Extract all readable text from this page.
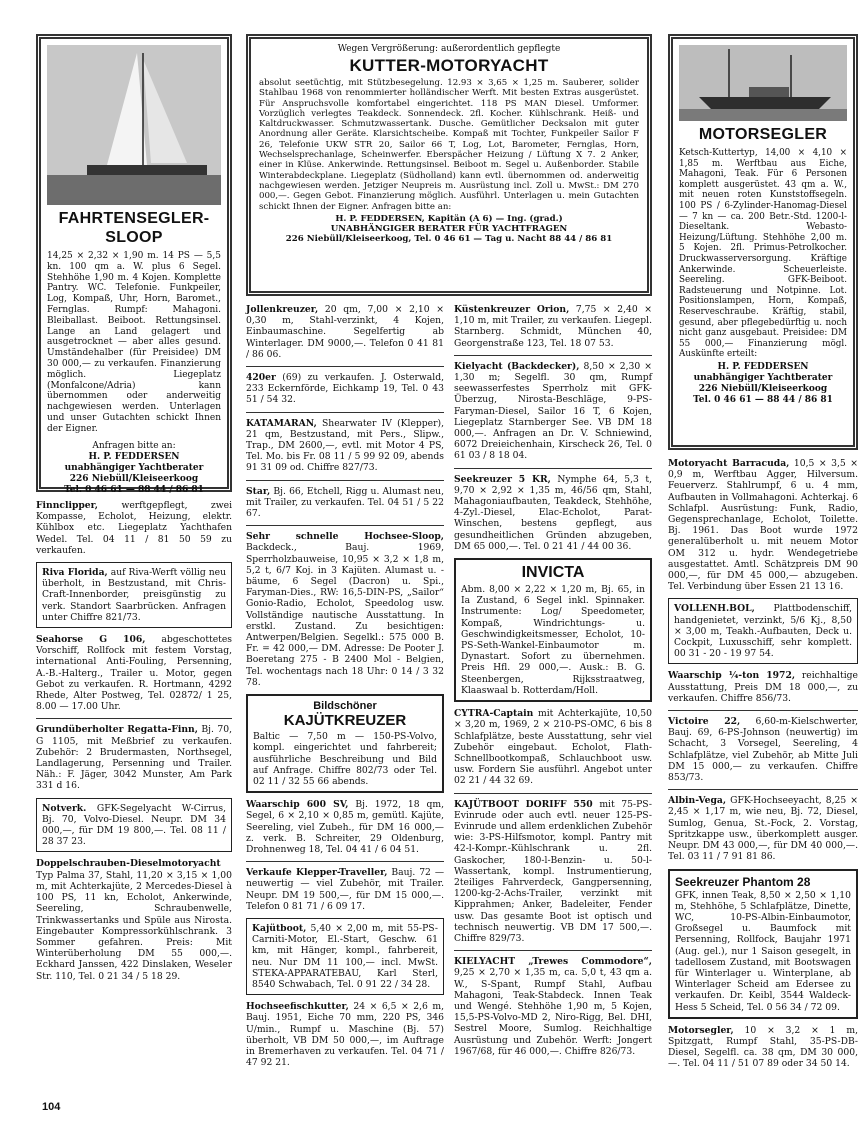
FAHRTENSEGLER-SLOOP
14,25 × 2,32 × 1,90 m. 14 PS — 5,5 kn. 100 qm a. W. plus 6 Segel. Stehhöhe 1,90 m. 4 Kojen. Komplette Pantry. WC. Telefonie. Funkpeiler, Log, Kompaß, Uhr, Horn, Baromet., Fernglas. Rumpf: Mahagoni. Bleiballast. Beiboot. Rettungsinsel. Lange an Land gelagert und ausgetrocknet — aber alles gesund. Umständehalber (für Preisidee) DM 30 000,— zu verkaufen. Finanzierung möglich. Liegeplatz (Monfalcone/Adria) kann übernommen oder anderweitig nachgewiesen werden. Unterlagen und unser Gutachten schickt Ihnen der Eigner.
Anfragen bitte an:
H. P. FEDDERSEN
unabhängiger Yachtberater
226 Niebüll/Kleiseerkoog
Tel. 0 46 61 — 88 44 / 86 81
Finnclipper,	werftgepflegt, zwei Kompasse, Echolot, Heizung, elektr. Kühlbox etc. Liegeplatz Yachthafen Wedel. Tel. 04 11 / 81 50 59 zu verkaufen.
Riva Florida, auf Riva-Werft völlig neu überholt, in Bestzustand, mit Chris-Craft-Innenborder, preisgünstig zu verk. Standort Saarbrücken. Anfragen unter Chiffre 821/73.
Seahorse G 106, abgeschottetes Vorschiff, Rollfock mit festem Vorstag, international Anti-Fouling, Persenning, A.-B.-Halterg., Trailer u. Motor, gegen Gebot zu verkaufen. R. Hortmann, 4292 Rhede, Alter Postweg, Tel. 02872/ 1 25, 8.00 — 17.00 Uhr.
Grundüberholter Regatta-Finn, Bj. 70, G 1105, mit Meßbrief zu verkaufen. Zubehör: 2 Brudermasten, Northsegel, Landlagerung, Persenning und Trailer. Näh.: F. Jäger, 3042 Munster, Am Park 331 d 16.
Notverk. GFK-Segelyacht W-Cirrus, Bj. 70, Volvo-Diesel. Neupr. DM 34 000,—, für DM 19 800,—. Tel. 08 11 / 28 37 23.
Doppelschrauben-Dieselmotoryacht Typ Palma 37, Stahl, 11,20 × 3,15 × 1,00 m, mit Achterkajüte, 2 Mercedes-Diesel à 100 PS, 11 kn, Echolot, Ankerwinde, Seereling, Schraubenwelle, Trinkwassertanks und Spüle aus Nirosta. Eingebauter Kompressorkühlschrank. 3 Sommer gefahren. Preis: Mit Winterüberholung DM 55 000,—. Eckhard Janssen, 422 Dinslaken, Weseler Str. 110, Tel. 0 21 34 / 5 18 29.
Wegen Vergrößerung: außerordentlich gepflegte
KUTTER-MOTORYACHT
absolut seetüchtig, mit Stützbesegelung. 12.93 × 3,65 × 1,25 m. Sauberer, solider Stahlbau 1968 von renommierter holländischer Werft. Mit besten Extras ausgerüstet. Für Anspruchsvolle komfortabel eingerichtet. 118 PS MAN Diesel. Umformer. Vorzüglich verlegtes Teakdeck. Sonnendeck. 2fl. Kocher. Kühlschrank. Heiß- und Kaltdruckwasser. Schmutzwassertank. Dusche. Gemütlicher Decksalon mit guter Anordnung aller Geräte. Klarsichtscheibe. Kompaß mit Tochter, Funkpeiler Sailor F 26, Telefonie UKW STR 20, Sailor 66 T, Log, Lot, Barometer, Fernglas, Horn, Wechselsprechanlage, Scheinwerfer. Eberspächer Heizung / Lüftung X 7. 2 Anker, einer in Klüse. Ankerwinde. Rettungsinsel. Beiboot m. Segel u. Außenborder. Stabile Winterabdeckplane. Liegeplatz (Südholland) kann evtl. übernommen od. anderweitig nachgewiesen werden. Jetziger Neupreis m. Ausrüstung incl. Zoll u. MwSt.: DM 270 000,—. Gegen Gebot. Finanzierung möglich. Ausführl. Unterlagen u. mein Gutachten schickt Ihnen der Eigner. Anfragen bitte an:
H. P. FEDDERSEN, Kapitän (A 6) — Ing. (grad.)
UNABHÄNGIGER BERATER FÜR YACHTFRAGEN
226 Niebüll/Kleiseerkoog, Tel. 0 46 61 — Tag u. Nacht 88 44 / 86 81
Jollenkreuzer, 20 qm, 7,00 × 2,10 × 0,30 m, Stahl-verzinkt, 4 Kojen, Einbaumaschine. Segelfertig ab Winterlager. DM 9000,—. Telefon 0 41 81 / 86 06.
420er (69) zu verkaufen. J. Osterwald, 233 Eckernförde, Eichkamp 19, Tel. 0 43 51 / 54 32.
KATAMARAN, Shearwater IV (Klepper), 21 qm, Bestzustand, mit Pers., Slipw., Trap., DM 2600,—, evtl. mit Motor 4 PS, Tel. Mo. bis Fr. 08 11 / 5 99 92 09, abends 91 31 09 od. Chiffre 827/73.
Star, Bj. 66, Etchell, Rigg u. Alumast neu, mit Trailer, zu verkaufen. Tel. 04 51 / 5 22 67.
Sehr schnelle Hochsee-Sloop, Backdeck., Bauj. 1969, Sperrholzbauweise, 10,95 × 3,2 × 1,8 m, 5,2 t, 6/7 Koj. in 3 Kajüten. Alumast u. -bäume, 6 Segel (Dacron) u. Spi., Faryman-Dies., RW: 16,5-DIN-PS, „Sailor“ Gonio-Radio, Echolot, Speedolog usw. Vollständige nautische Ausstattung. In erstkl. Zustand. Zu besichtigen: Antwerpen/Belgien. Segelkl.: 575 000 B. Fr. = 42 000,— DM. Adresse: De Pooter J. Boeretang 275 - B 2400 Mol - Belgien, Tel. wochentags nach 18 Uhr: 0 14 / 3 32 78.
Bildschöner
KAJÜTKREUZER
Baltic — 7,50 m — 150-PS-Volvo, kompl. eingerichtet und fahrbereit; ausführliche Beschreibung und Bild auf Anfrage. Chiffre 802/73 oder Tel. 02 11 / 32 55 66 abends.
Waarschip 600 SV, Bj. 1972, 18 qm, Segel, 6 × 2,10 × 0,85 m, gemütl. Kajüte, Seereling, viel Zubeh., für DM 16 000,— z. verk. B. Schreiter, 29 Oldenburg, Drohnenweg 18, Tel. 04 41 / 6 04 51.
Verkaufe Klepper-Traveller, Bauj. 72 — neuwertig — viel Zubehör, mit Trailer. Neupr. DM 19 500,—, für DM 15 000,—. Telefon 0 81 71 / 6 09 17.
Kajütboot, 5,40 × 2,00 m, mit 55-PS-Carniti-Motor, El.-Start, Geschw. 61 km, mit Hänger, kompl., fahrbereit, neu. Nur DM 11 100,— incl. MwSt. STEKA-APPARATEBAU, Karl Sterl, 8540 Schwabach, Tel. 0 91 22 / 34 28.
Hochseefischkutter, 24 × 6,5 × 2,6 m, Bauj. 1951, Eiche 70 mm, 220 PS, 346 U/min., Rumpf u. Maschine (Bj. 57) überholt, VB DM 50 000,—, im Auftrage in Bremerhaven zu verkaufen. Tel. 04 71 / 47 92 21.
Küstenkreuzer Orion, 7,75 × 2,40 × 1,10 m, mit Trailer, zu verkaufen. Liegepl. Starnberg. Schmidt, München 40, Georgenstraße 123, Tel. 18 07 53.
Kielyacht (Backdecker), 8,50 × 2,30 × 1,30 m; Segelfl. 30 qm, Rumpf seewasserfestes Sperrholz mit GFK-Überzug, Nirosta-Beschläge, 9-PS-Faryman-Diesel, Sailor 16 T, 6 Kojen, Liegeplatz Starnberger See. VB DM 18 000,—. Anfragen an Dr. V. Schniewind, 6072 Dreieichenhain, Kirscheck 26, Tel. 0 61 03 / 8 18 04.
Seekreuzer 5 KR, Nymphe 64, 5,3 t, 9,70 × 2,92 × 1,35 m, 46/56 qm, Stahl, Mahagoniaufbauten, Teakdeck, Stehhöhe, 4-Zyl.-Diesel, Elac-Echolot, Parat-Winschen, bestens gepflegt, aus gesundheitlichen Gründen abzugeben, DM 65 000,—. Tel. 0 21 41 / 44 00 36.
INVICTA
Abm. 8,00 × 2,22 × 1,20 m, Bj. 65, in Ia Zustand, 6 Segel inkl. Spinnaker. Instrumente: Log/ Speedometer, Kompaß, Windrichtungs- u. Geschwindigkeitsmesser, Echolot, 10-PS-Seth-Wankel-Einbaumotor m. Dynastart. Sofort zu übernehmen. Preis Hfl. 29 000,—. Ausk.: B. G. Steenbergen, Rijksstraatweg, Klaaswaal b. Rotterdam/Holl.
CYTRA-Captain mit Achterkajüte, 10,50 × 3,20 m, 1969, 2 × 210-PS-OMC, 6 bis 8 Schlafplätze, beste Ausstattung, sehr viel Zubehör eingebaut. Echolot, Flath-Schnellbootkompaß, Schlauchboot usw. usw. Fordern Sie ausführl. Angebot unter 02 21 / 44 32 69.
KAJÜTBOOT DORIFF 550 mit 75-PS-Evinrude oder auch evtl. neuer 125-PS-Evinrude und allem erdenklichen Zubehör wie: 3-PS-Hilfsmotor, kompl. Pantry mit 42-l-Kompr.-Kühlschrank u. 2fl. Gaskocher, 180-l-Benzin- u. 50-l-Wassertank, kompl. Instrumentierung, 2teiliges Fahrverdeck, Gangpersenning, 1200-kg-2-Achs-Trailer, verzinkt mit Kipprahmen; Anker, Badeleiter, Fender usw. Das gesamte Boot ist optisch und technisch neuwertig. VB DM 17 500,—. Chiffre 829/73.
KIELYACHT „Trewes Commodore“, 9,25 × 2,70 × 1,35 m, ca. 5,0 t, 43 qm a. W., S-Spant, Rumpf Stahl, Aufbau Mahagoni, Teak-Stabdeck. Innen Teak und Wengé. Stehhöhe 1,90 m, 5 Kojen, 15,5-PS-Volvo-MD 2, Niro-Rigg, Bel. DHI, Sestrel Moore, Sumlog. Reichhaltige Ausrüstung und Zubehör. Werft: Jongert 1967/68, für 46 000,—. Chiffre 826/73.
MOTORSEGLER
Ketsch-Kuttertyp, 14,00 × 4,10 × 1,85 m. Werftbau aus Eiche, Mahagoni, Teak. Für 6 Personen komplett ausgerüstet. 43 qm a. W., mit neuen roten Kunststoffsegeln. 100 PS / 6-Zylinder-Hanomag-Diesel — 7 kn — ca. 200 Betr.-Std. 1200-l-Dieseltank. Webasto-Heizung/Lüftung. Stehhöhe 2,00 m. 5 Kojen. 2fl. Primus-Petrolkocher. Druckwasserversorgung. Kräftige Ankerwinde. Scheuerleiste. Seereling. GFK-Beiboot. Radsteuerung und Notpinne. Lot. Positionslampen, Horn, Kompaß, Reserveschraube. Kräftig, stabil, gesund, aber pflegebedürftig u. noch nicht ganz ausgebaut. Preisidee: DM 55 000,— Finanzierung mögl. Auskünfte erteilt:
H. P. FEDDERSEN
unabhängiger Yachtberater
226 Niebüll/Kleiseerkoog
Tel. 0 46 61 — 88 44 / 86 81
Motoryacht Barracuda, 10,5 × 3,5 × 0,9 m, Werftbau Agger, Hilversum. Feuerverz. Stahlrumpf, 6 u. 4 mm, Aufbauten in Vollmahagoni. Achterkaj. 6 Schlafpl. Ausrüstung: Funk, Radio, Gegensprechanlage, Echolot, Toilette. Bj. 1961. Das Boot wurde 1972 generalüberholt u. mit neuem Motor OM 312 u. hydr. Wendegetriebe ausgestattet. Amtl. Schätzpreis DM 90 000,—, für DM 45 000,— abzugeben. Tel. Verbindung über Essen 21 13 16.
VOLLENH.BOL, Plattbodenschiff, handgenietet, verzinkt, 5/6 Kj., 8,50 × 3,00 m, Teakh.-Aufbauten, Deck u. Cockpit, Luxusschiff, sehr komplett. 00 31 - 20 - 19 97 54.
Waarschip ¼-ton 1972, reichhaltige Ausstattung, Preis DM 18 000,—, zu verkaufen. Chiffre 856/73.
Victoire 22, 6,60-m-Kielschwerter, Bauj. 69, 6-PS-Johnson (neuwertig) im Schacht, 3 Vorsegel, Seereling, 4 Schlafplätze, viel Zubehör, ab Mitte Juli DM 15 000,— zu verkaufen. Chiffre 853/73.
Albin-Vega, GFK-Hochseeyacht, 8,25 × 2,45 × 1,17 m, wie neu, Bj. 72, Diesel, Sumlog, Genua, St.-Fock, 2. Vorstag, Spritzkappe usw., überkomplett ausger. Neupr. DM 43 000,—, für DM 40 000,—. Tel. 03 11 / 7 91 81 86.
Seekreuzer Phantom 28
GFK, innen Teak, 8,50 × 2,50 × 1,10 m, Stehhöhe, 5 Schlafplätze, Dinette, WC, 10-PS-Albin-Einbaumotor, Großsegel u. Baumfock mit Persenning, Rollfock, Baujahr 1971 (Aug. gel.), nur 1 Saison gesegelt, in tadellosem Zustand, mit Bootswagen für Winterlager u. Winterplane, ab Winterlager Scheid am Edersee zu verkaufen. Dr. Keibl, 3544 Waldeck-Hess 5 Scheid, Tel. 0 56 34 / 72 09.
Motorsegler, 10 × 3,2 × 1 m, Spitzgatt, Rumpf Stahl, 35-PS-DB-Diesel, Segelfl. ca. 38 qm, DM 30 000,—. Tel. 04 11 / 51 07 89 oder 34 50 14.
104
